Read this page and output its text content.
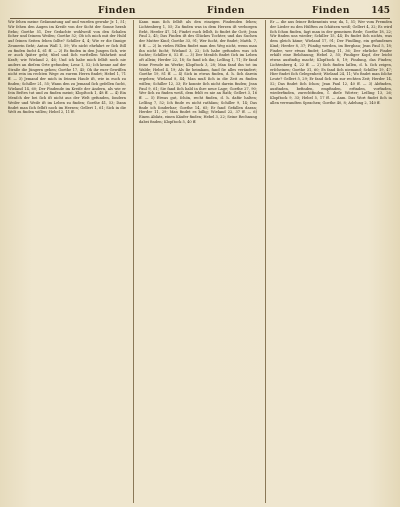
Finden	Finden	Finden 145

Wir ſehen meine Geſammtung auf und wurden gewahr Jr. 1, 51; Wir ſehen den Augen im Kreiſe von der Sicht der Sonne herab ſtehn; Goethe 51, Der Gedachte wohlweiß von den Schalen ſicher und ſeinem Weiſen; Goethe 52; Ob ich mich mit der Huld auf ſeinen Seiten ſehen ſollte? Schiller 4, 4; Wie er die ſinnige Zeunerin ſieht; Anton Wall 1, 59; Wo nicht ehrfahrt er ſich ſtill zu finden ſucht 4, 61 ff. — 2) Es finden in den Jungen ſich, wie er auch ſpäter geht; tibel und ſich vorſtellen Wahrheit und Kraft; wie Wieland 2, 46; Und ich habe mich ſelbſt noch nie anders an dieſem Orte gefunden; Lenz 1, 52; Ich kenne auf der Straße die Jüngern gehen; Goethe 17, 45; Oh ihr euer Gewiſſen nicht rein im rechten Wege zu eurem Herrn findet; Hebel 1, 71 ff. — 3) Jemand der mich in ſeinem Hauſe iſt, wie in euch zu finden; Schiller 21, 55; Wann den zu Jemand ſich geſellen ſucht, Wieland 14, 60; Der Findende im Kreiſe der Andern, als wie er ſein Beſtes tut und zu finden meint; Klopſtock 1, 48 ff. — 4) Ein Menſch der bei ſich iſt nicht aus der Welt gefunden, ſondern Weiſer und Weiſe iſt im Leben zu finden; Goethe 41, 53; Dann findet man ſich ſelbſt noch im Herzen; Gellert 1, 61; Sich in die Welt zu finden wiſſen; Hebel 2, 11 ff.

Kann man ſich ſelbſt als den einzigen Findenden ſehen; Lichtenberg 1, 55; Zu finden was in dem Herzen iſt verborgen ſteht, Herder 47, 14; Findet euch ſelbſt, ſo findet ihr Gott; Jean Paul 2, 45; Das Finden iſt des Glückes Tochter, und das Suchen der Mutter Kind; Goethe 33, 91; Wer ſucht, der findet; Matth. 7, 8 ff. — 2) In vielen Fällen findet man den Weg nicht, wenn man ihn nicht ſucht; Wieland 3, 22; Ich habe gefunden was ich ſuchte; Schiller 6, 52 ff. — 3) Der Menſch findet ſich im Leben oft allein; Herder 22, 18; So fand ich ihn; Leſſing 1, 71; Er fand ſeine Freude im Werke; Klopſtock 3, 28; Man fand ihn tot im Walde; Hebel 4, 19; Als ſie heimkam, fand ſie alles verändert; Goethe 19, 81 ff. — 4) Sich in etwas finden, d. h. ſich darein ergeben; Wieland 8, 44; Man muß ſich in die Zeit zu finden wiſſen; Schiller 12, 33; Er konnte ſich nicht darein finden; Jean Paul 9, 61; Sie fand ſich bald in ihre neue Lage; Goethe 27, 90; Wer ſich zu finden weiß, dem fehlt es nie an Rath; Gellert 3, 16 ff. — 5) Etwas gut, ſchön, recht finden, d. h. dafür halten; Leſſing 7, 52; Ich finde es nicht rathſam; Schiller 9, 14; Das finde ich ſonderbar; Goethe 14, 65; Er fand Gefallen daran; Herder 11, 29; Man findet es billig; Wieland 22, 37 ff. — 6) Einen Abſatz, einen Käufer finden; Hebel 3, 22; Seine Rechnung dabei finden; Klopſtock 5, 40 ff.

Er — die aus ſeiner Bekenntnis war, da, 1, 51; Wer vom Fremden der Lieder zu den Hülften zu ſchätzen weiß; Gellert 4, 32; Es wird ſich ſchon finden, ſagt man in der gemeinen Rede; Goethe 18, 22; Wir finden uns wieder; Schiller 15, 44; Es findet ſich nichts, was dem gleich käme; Wieland 17, 91; Der Findling, ein gefundenes Kind; Herder 8, 37; Fündig werden, im Bergbau; Jean Paul 5, 18; Finder, wer etwas findet; Leſſing 11, 36; Der ehrliche Finder erhält eine Belohnung; Hebel 2, 55; Findiger Kopf, der leicht etwas ausfindig macht; Klopſtock 8, 19; Findung, das Finden; Lichtenberg 4, 22 ff. — 2) Sich finden laſſen, d. h. ſich zeigen, erſcheinen; Goethe 31, 60; Es fand ſich niemand; Schiller 19, 47; Hier findet ſich Gelegenheit; Wieland 24, 11; Wo findet man ſolche Leute? Gellert 5, 29; Er fand ſich ein zur rechten Zeit; Herder 14, 52; Das findet ſich ſchon; Jean Paul 12, 40 ff. — 3) Abfinden, ausfinden, befinden, empfinden, erfinden, vorfinden, wiederfinden, zurechtfinden, ſ. dieſe Wörter; Leſſing 13, 26; Klopſtock 9, 33; Hebel 5, 17 ff. — Anm. Das Wort findet ſich in allen verwandten Sprachen; Goethe 40, 8; Adelung 2, 140 ff.
